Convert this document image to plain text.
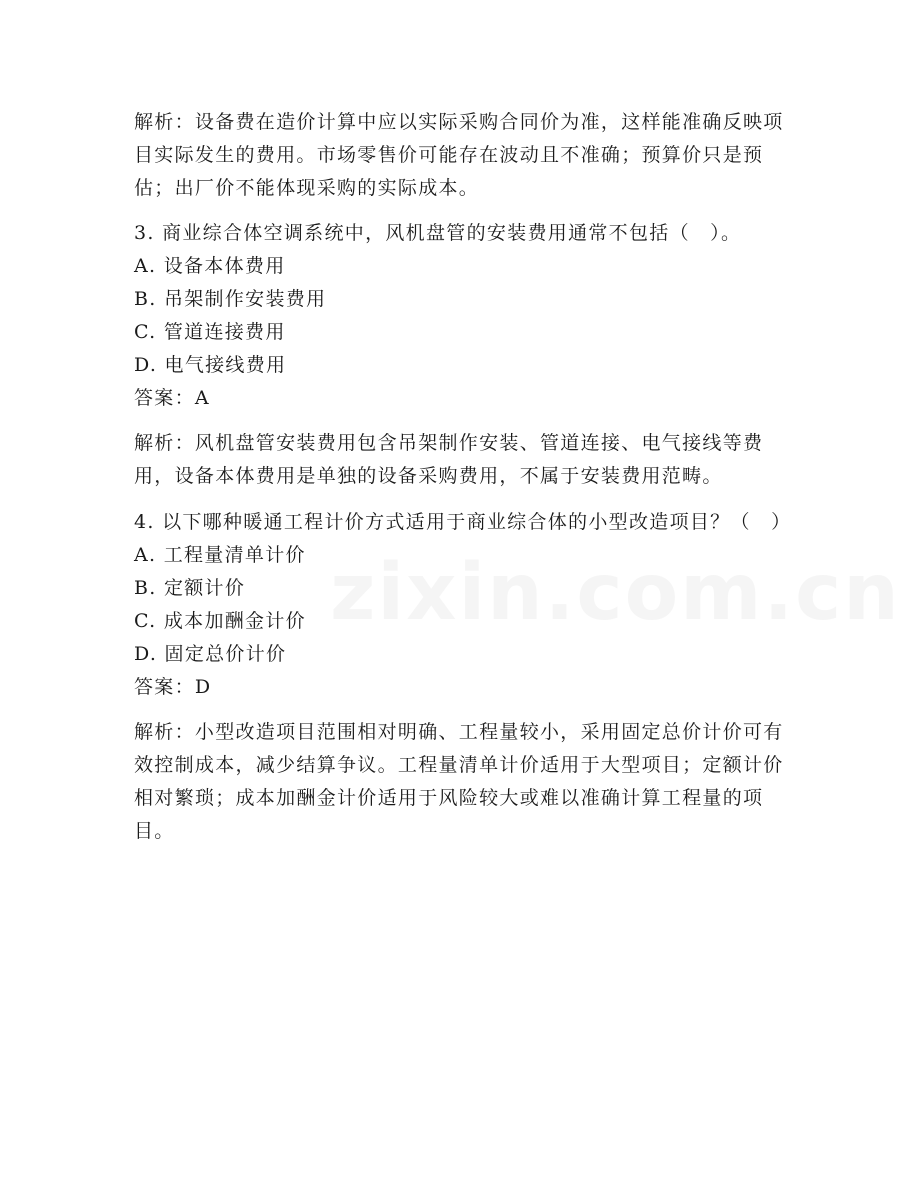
zixin.com.cn

解析：设备费在造价计算中应以实际采购合同价为准，这样能准确反映项目实际发生的费用。市场零售价可能存在波动且不准确；预算价只是预估；出厂价不能体现采购的实际成本。

3. 商业综合体空调系统中，风机盘管的安装费用通常不包括（　）。

A. 设备本体费用

B. 吊架制作安装费用

C. 管道连接费用

D. 电气接线费用

答案：A

解析：风机盘管安装费用包含吊架制作安装、管道连接、电气接线等费用，设备本体费用是单独的设备采购费用，不属于安装费用范畴。

4. 以下哪种暖通工程计价方式适用于商业综合体的小型改造项目？（　）

A. 工程量清单计价

B. 定额计价

C. 成本加酬金计价

D. 固定总价计价

答案：D

解析：小型改造项目范围相对明确、工程量较小，采用固定总价计价可有效控制成本，减少结算争议。工程量清单计价适用于大型项目；定额计价相对繁琐；成本加酬金计价适用于风险较大或难以准确计算工程量的项目。
